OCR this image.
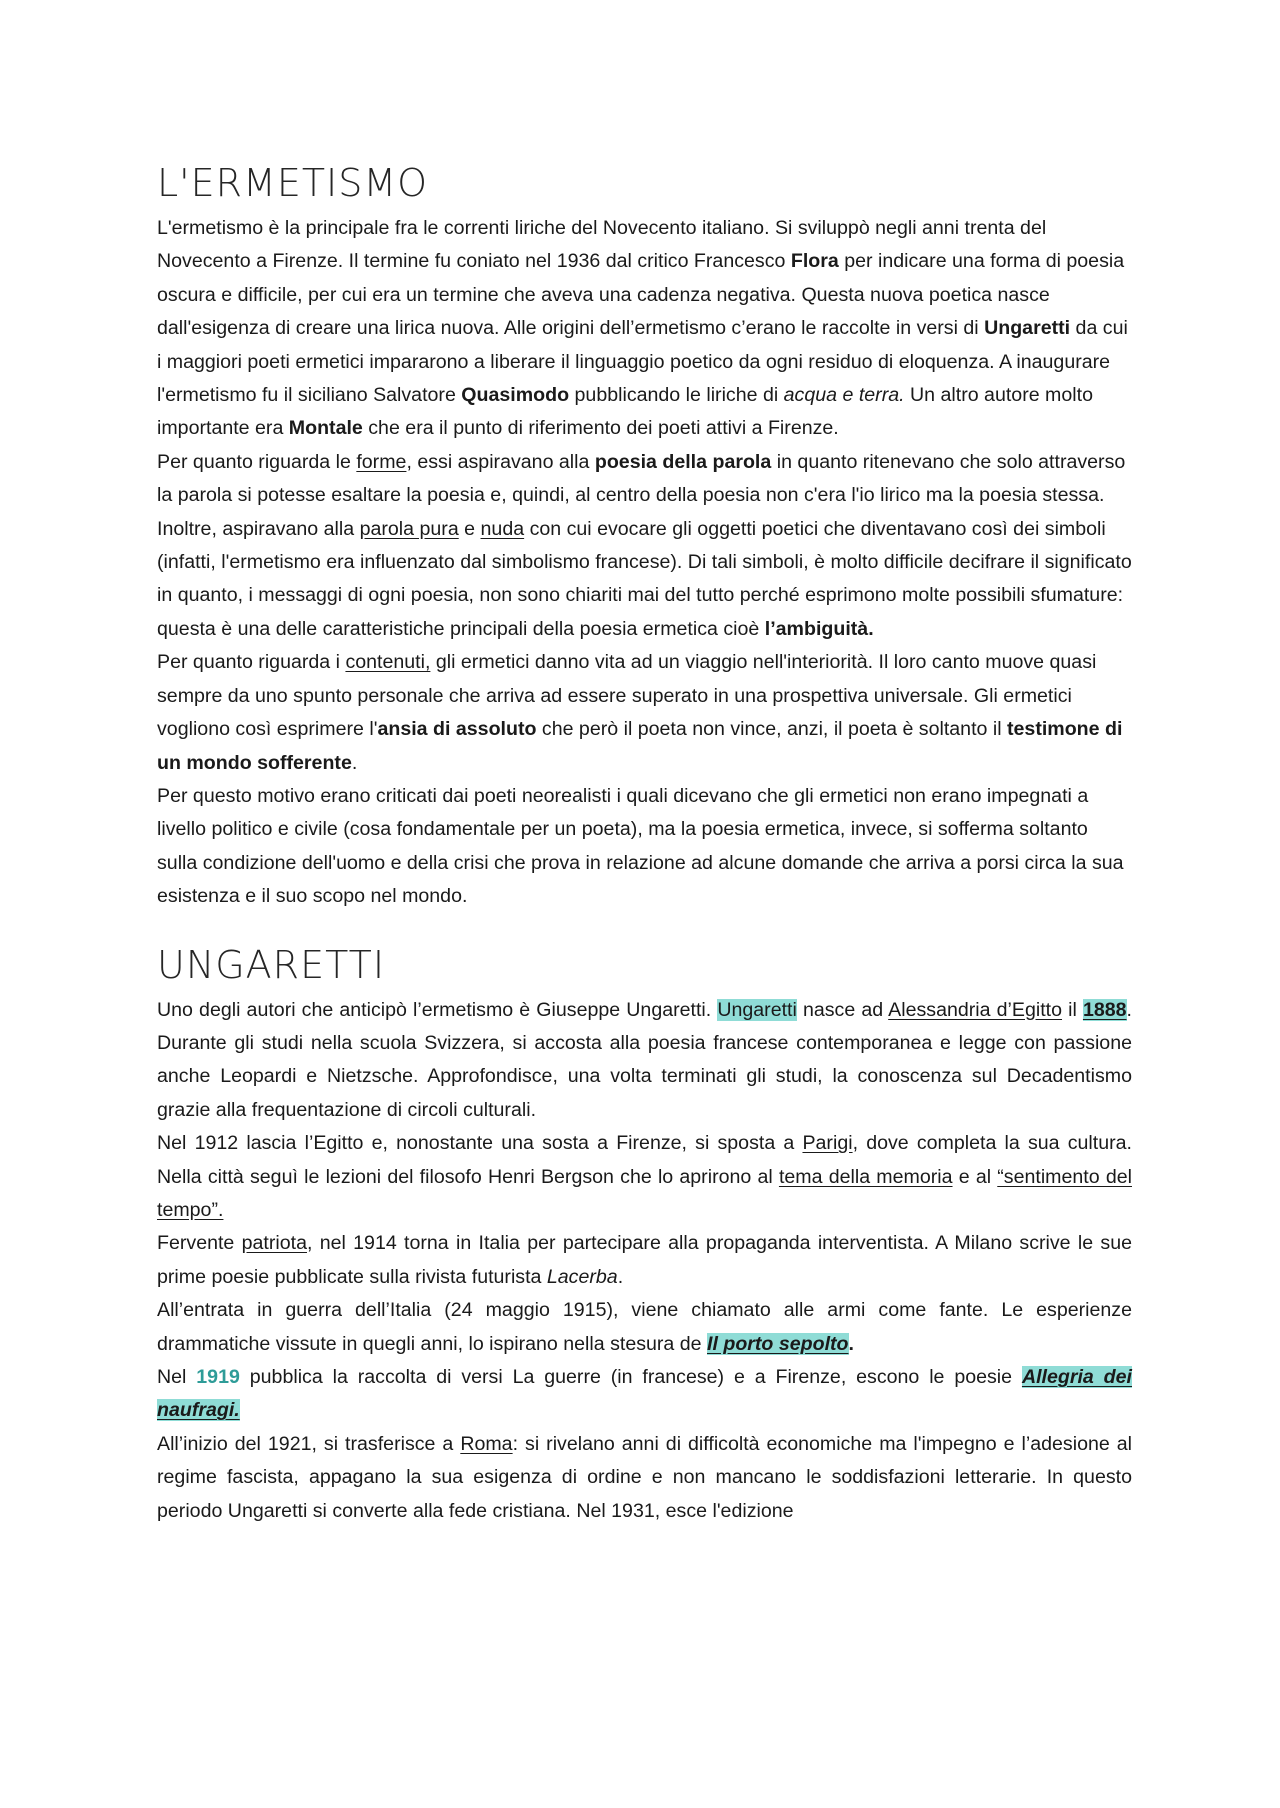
L'ERMETISMO

L'ermetismo è la principale fra le correnti liriche del Novecento italiano. Si sviluppò negli anni trenta del Novecento a Firenze. Il termine fu coniato nel 1936 dal critico Francesco Flora per indicare una forma di poesia oscura e difficile, per cui era un termine che aveva una cadenza negativa. Questa nuova poetica nasce dall'esigenza di creare una lirica nuova. Alle origini dell’ermetismo c’erano le raccolte in versi di Ungaretti da cui i maggiori poeti ermetici impararono a liberare il linguaggio poetico da ogni residuo di eloquenza. A inaugurare l'ermetismo fu il siciliano Salvatore Quasimodo pubblicando le liriche di acqua e terra. Un altro autore molto importante era Montale che era il punto di riferimento dei poeti attivi a Firenze.

Per quanto riguarda le forme, essi aspiravano alla poesia della parola in quanto ritenevano che solo attraverso la parola si potesse esaltare la poesia e, quindi, al centro della poesia non c'era l'io lirico ma la poesia stessa. Inoltre, aspiravano alla parola pura e nuda con cui evocare gli oggetti poetici che diventavano così dei simboli (infatti, l'ermetismo era influenzato dal simbolismo francese). Di tali simboli, è molto difficile decifrare il significato in quanto, i messaggi di ogni poesia, non sono chiariti mai del tutto perché esprimono molte possibili sfumature: questa è una delle caratteristiche principali della poesia ermetica cioè l’ambiguità.

Per quanto riguarda i contenuti, gli ermetici danno vita ad un viaggio nell'interiorità. Il loro canto muove quasi sempre da uno spunto personale che arriva ad essere superato in una prospettiva universale. Gli ermetici vogliono così esprimere l'ansia di assoluto che però il poeta non vince, anzi, il poeta è soltanto il testimone di un mondo sofferente.

Per questo motivo erano criticati dai poeti neorealisti i quali dicevano che gli ermetici non erano impegnati a livello politico e civile (cosa fondamentale per un poeta), ma la poesia ermetica, invece, si sofferma soltanto sulla condizione dell'uomo e della crisi che prova in relazione ad alcune domande che arriva a porsi circa la sua esistenza e il suo scopo nel mondo.

UNGARETTI

Uno degli autori che anticipò l’ermetismo è Giuseppe Ungaretti. Ungaretti nasce ad Alessandria d’Egitto il 1888. Durante gli studi nella scuola Svizzera, si accosta alla poesia francese contemporanea e legge con passione anche Leopardi e Nietzsche. Approfondisce, una volta terminati gli studi, la conoscenza sul Decadentismo grazie alla frequentazione di circoli culturali.

Nel 1912 lascia l’Egitto e, nonostante una sosta a Firenze, si sposta a Parigi, dove completa la sua cultura. Nella città seguì le lezioni del filosofo Henri Bergson che lo aprirono al tema della memoria e al “sentimento del tempo”.

Fervente patriota, nel 1914 torna in Italia per partecipare alla propaganda interventista. A Milano scrive le sue prime poesie pubblicate sulla rivista futurista Lacerba.

All’entrata in guerra dell’Italia (24 maggio 1915), viene chiamato alle armi come fante. Le esperienze drammatiche vissute in quegli anni, lo ispirano nella stesura de Il porto sepolto.

Nel 1919 pubblica la raccolta di versi La guerre (in francese) e a Firenze, escono le poesie Allegria dei naufragi.

All’inizio del 1921, si trasferisce a Roma: si rivelano anni di difficoltà economiche ma l'impegno e l’adesione al regime fascista, appagano la sua esigenza di ordine e non mancano le soddisfazioni letterarie. In questo periodo Ungaretti si converte alla fede cristiana. Nel 1931, esce l'edizione
